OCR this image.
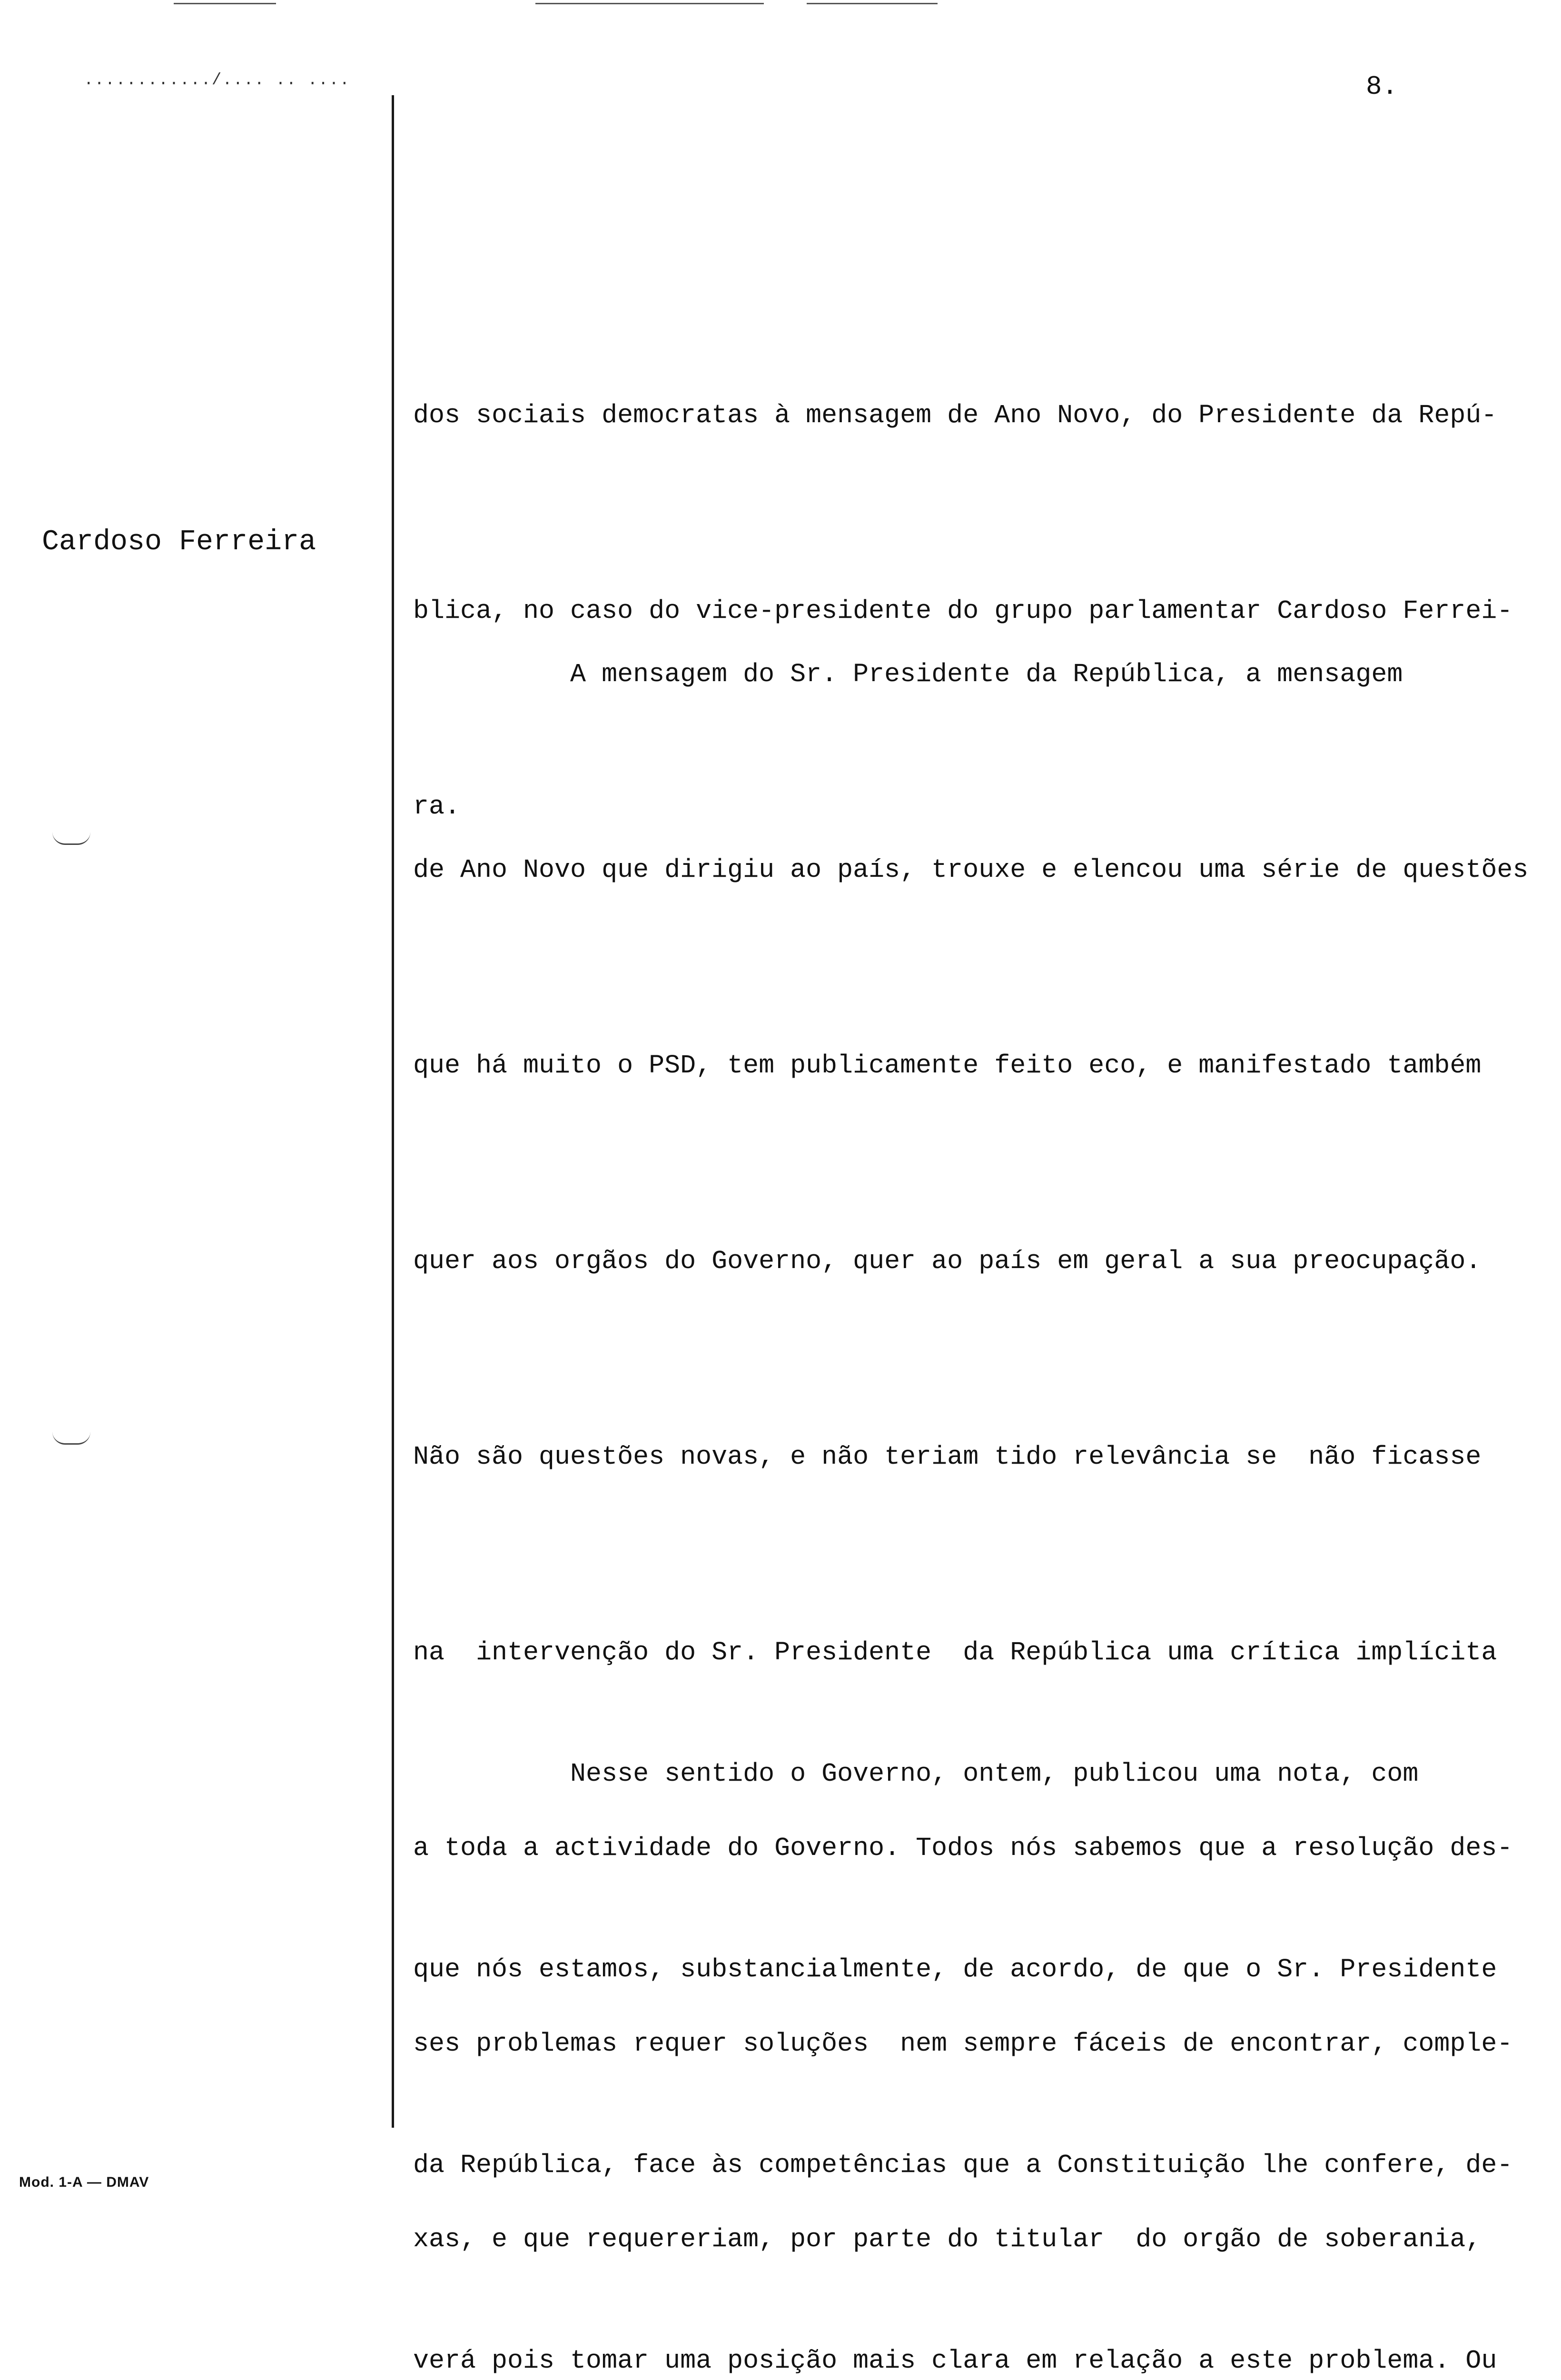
............/.... .. ....	8.
Cardoso Ferreira

dos sociais democratas à mensagem de Ano Novo, do Presidente da Repú-

blica, no caso do vice-presidente do grupo parlamentar Cardoso Ferrei-

ra.

A mensagem do Sr. Presidente da República, a mensagem

de Ano Novo que dirigiu ao país, trouxe e elencou uma série de questões

que há muito o PSD, tem publicamente feito eco, e manifestado também

quer aos orgãos do Governo, quer ao país em geral a sua preocupação.

Não são questões novas, e não teriam tido relevância se  não ficasse

na  intervenção do Sr. Presidente  da República uma crítica implícita

a toda a actividade do Governo. Todos nós sabemos que a resolução des-

ses problemas requer soluções  nem sempre fáceis de encontrar, comple-

xas, e que requereriam, por parte do titular  do orgão de soberania,

Nesse sentido o Governo, ontem, publicou uma nota, com

que nós estamos, substancialmente, de acordo, de que o Sr. Presidente

da República, face às competências que a Constituição lhe confere, de-

verá pois tomar uma posição mais clara em relação a este problema. Ou

Mod. 1-A — DMAV
